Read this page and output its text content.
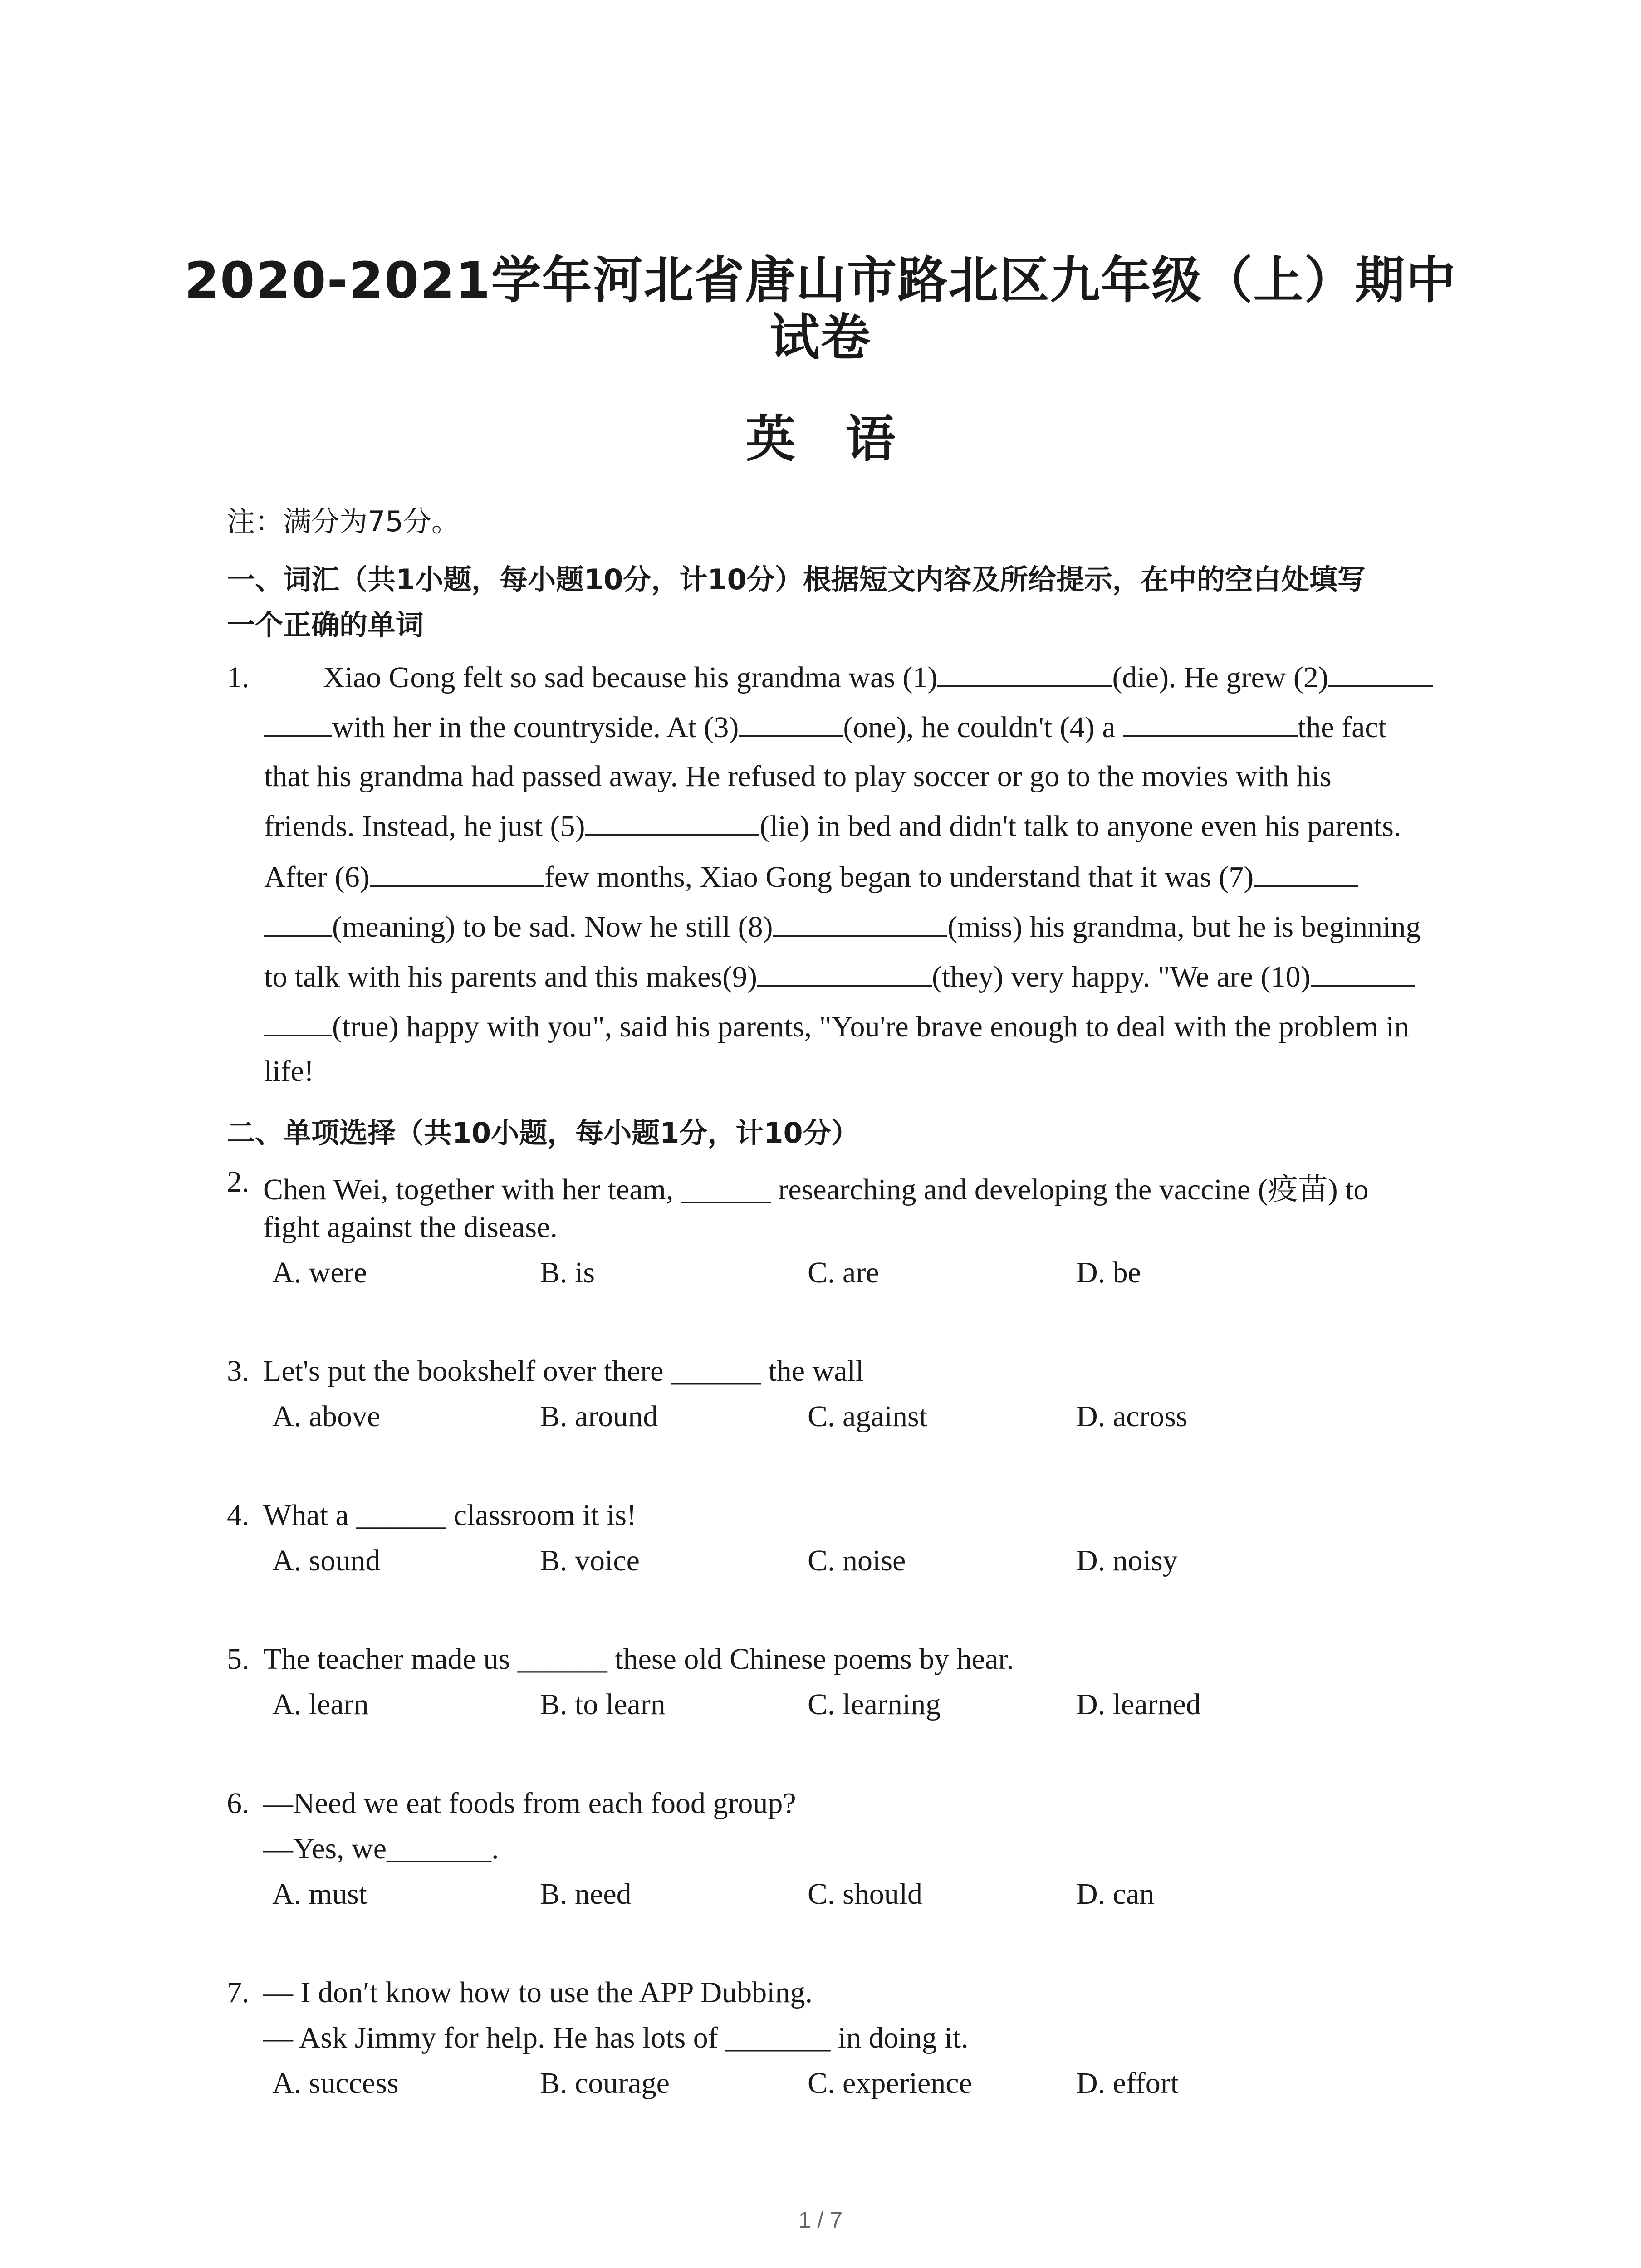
2020-2021学年河北省唐山市路北区九年级（上）期中
试卷
英语
注：满分为75分。
一、词汇（共1小题，每小题10分，计10分）根据短文内容及所给提示，在中的空白处填写
一个正确的单词
1. Xiao Gong felt so sad because his grandma was (1)	(die). He grew (2)
with her in the countryside. At (3)	(one), he couldn't (4) a	the fact
that his grandma had passed away. He refused to play soccer or go to the movies with his
friends. Instead, he just (5)	(lie) in bed and didn't talk to anyone even his parents.
After (6)	few months, Xiao Gong began to understand that it was (7)
(meaning) to be sad. Now he still (8)	(miss) his grandma, but he is beginning
to talk with his parents and this makes(9)	(they) very happy. "We are (10)
(true) happy with you", said his parents, "You're brave enough to deal with the problem in
life!
二、单项选择（共10小题，每小题1分，计10分）
2. Chen Wei, together with her team, ______ researching and developing the vaccine (疫苗) to
fight against the disease.
A. were	B. is	C. are	D. be
3. Let's put the bookshelf over there ______ the wall
A. above	B. around	C. against	D. across
4. What a ______ classroom it is!
A. sound	B. voice	C. noise	D. noisy
5. The teacher made us ______ these old Chinese poems by hear.
A. learn	B. to learn	C. learning	D. learned
6. —Need we eat foods from each food group?
—Yes, we_______.
A. must	B. need	C. should	D. can
7. — I don′t know how to use the APP Dubbing.
— Ask Jimmy for help. He has lots of _______ in doing it.
A. success	B. courage	C. experience	D. effort
1 / 7
